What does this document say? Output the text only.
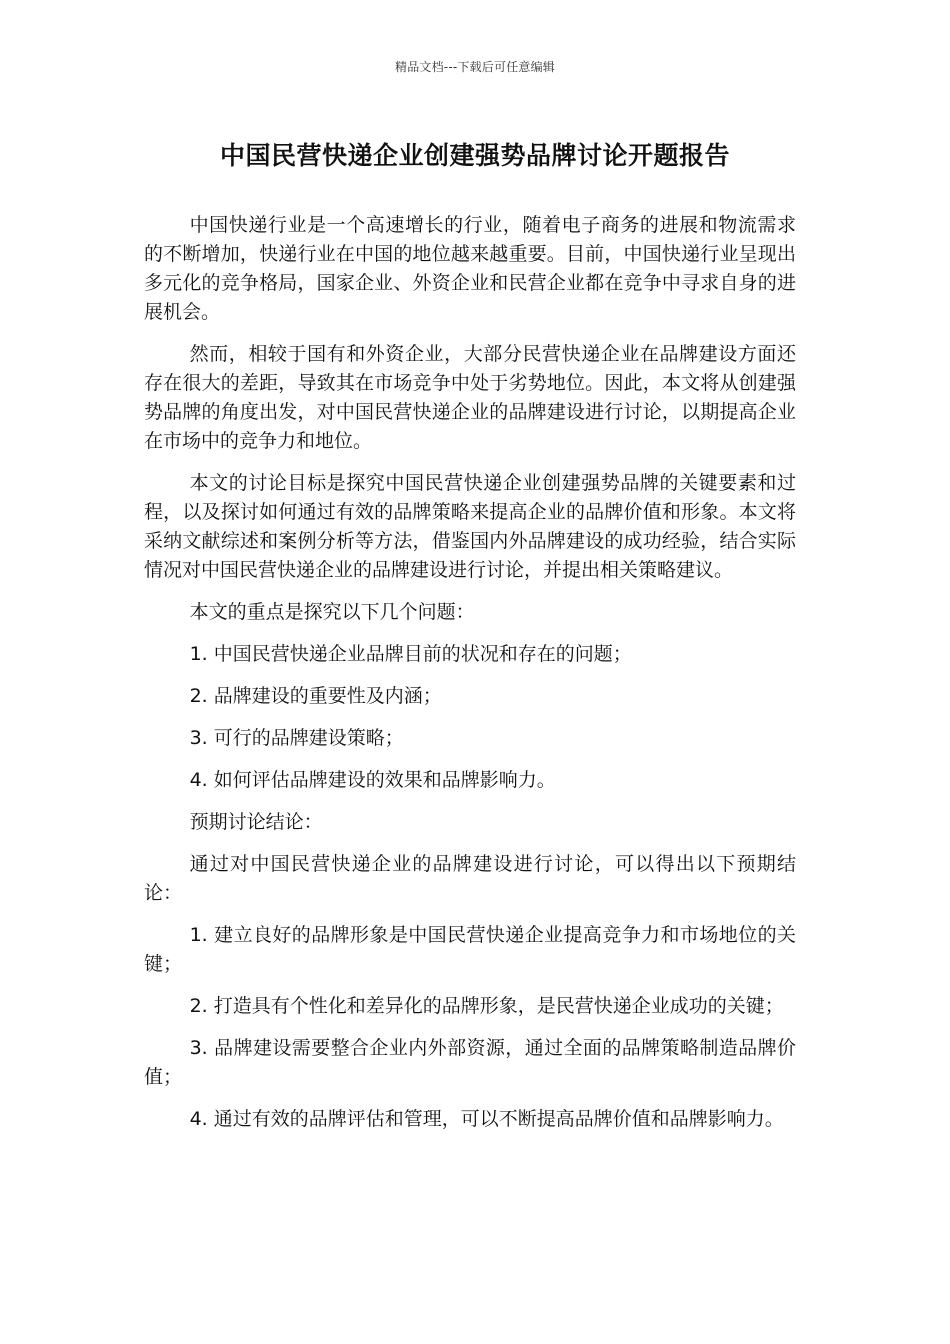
精品文档---下载后可任意编辑
中国民营快递企业创建强势品牌讨论开题报告

中国快递行业是一个高速增长的行业，随着电子商务的进展和物流需求的不断增加，快递行业在中国的地位越来越重要。目前，中国快递行业呈现出多元化的竞争格局，国家企业、外资企业和民营企业都在竞争中寻求自身的进展机会。

然而，相较于国有和外资企业，大部分民营快递企业在品牌建设方面还存在很大的差距，导致其在市场竞争中处于劣势地位。因此，本文将从创建强势品牌的角度出发，对中国民营快递企业的品牌建设进行讨论，以期提高企业在市场中的竞争力和地位。

本文的讨论目标是探究中国民营快递企业创建强势品牌的关键要素和过程，以及探讨如何通过有效的品牌策略来提高企业的品牌价值和形象。本文将采纳文献综述和案例分析等方法，借鉴国内外品牌建设的成功经验，结合实际情况对中国民营快递企业的品牌建设进行讨论，并提出相关策略建议。

本文的重点是探究以下几个问题：

1. 中国民营快递企业品牌目前的状况和存在的问题；

2. 品牌建设的重要性及内涵；

3. 可行的品牌建设策略；

4. 如何评估品牌建设的效果和品牌影响力。

预期讨论结论：

通过对中国民营快递企业的品牌建设进行讨论，可以得出以下预期结论：

1. 建立良好的品牌形象是中国民营快递企业提高竞争力和市场地位的关键；

2. 打造具有个性化和差异化的品牌形象，是民营快递企业成功的关键；

3. 品牌建设需要整合企业内外部资源，通过全面的品牌策略制造品牌价值；

4. 通过有效的品牌评估和管理，可以不断提高品牌价值和品牌影响力。
